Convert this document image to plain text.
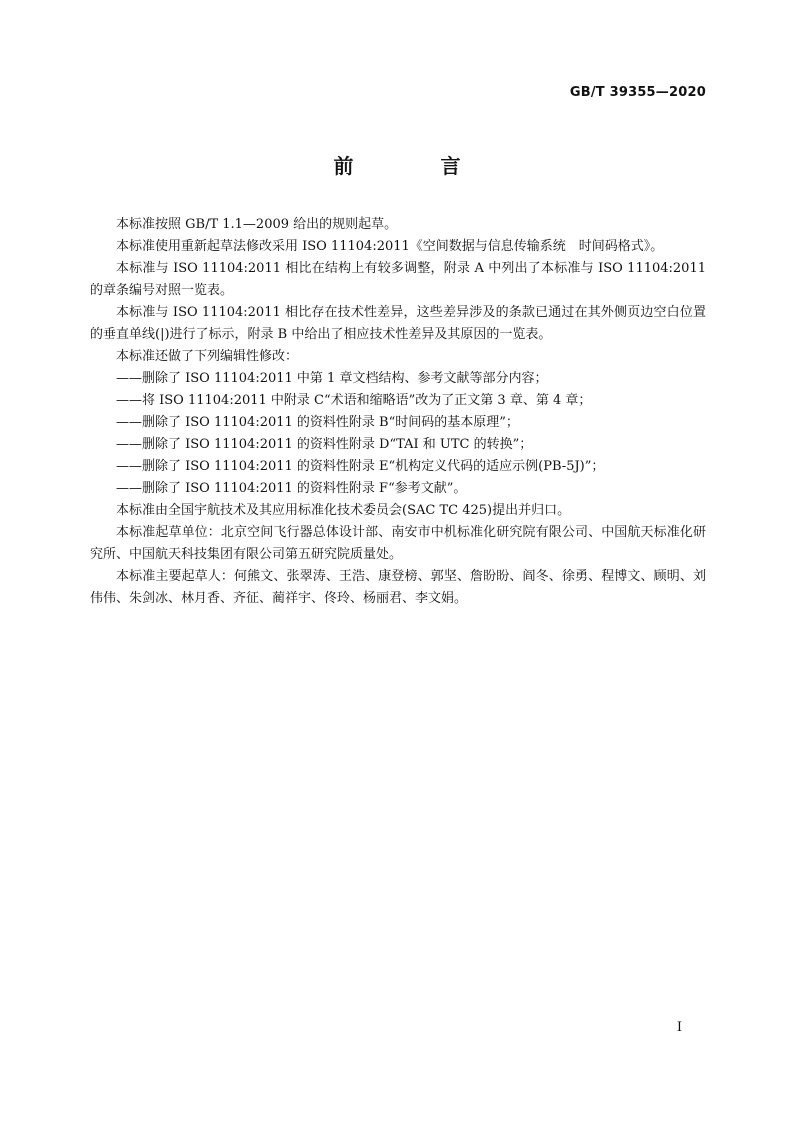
GB/T 39355—2020
前 言

本标准按照 GB/T 1.1—2009 给出的规则起草。

本标准使用重新起草法修改采用 ISO 11104:2011《空间数据与信息传输系统　时间码格式》。

本标准与 ISO 11104:2011 相比在结构上有较多调整，附录 A 中列出了本标准与 ISO 11104:2011 的章条编号对照一览表。

本标准与 ISO 11104:2011 相比存在技术性差异，这些差异涉及的条款已通过在其外侧页边空白位置的垂直单线(|)进行了标示，附录 B 中给出了相应技术性差异及其原因的一览表。

本标准还做了下列编辑性修改：

——删除了 ISO 11104:2011 中第 1 章文档结构、参考文献等部分内容；

——将 ISO 11104:2011 中附录 C“术语和缩略语”改为了正文第 3 章、第 4 章；

——删除了 ISO 11104:2011 的资料性附录 B“时间码的基本原理”；

——删除了 ISO 11104:2011 的资料性附录 D“TAI 和 UTC 的转换”；

——删除了 ISO 11104:2011 的资料性附录 E“机构定义代码的适应示例(PB-5J)”；

——删除了 ISO 11104:2011 的资料性附录 F“参考文献”。

本标准由全国宇航技术及其应用标准化技术委员会(SAC TC 425)提出并归口。

本标准起草单位：北京空间飞行器总体设计部、南安市中机标准化研究院有限公司、中国航天标准化研究所、中国航天科技集团有限公司第五研究院质量处。

本标准主要起草人：何熊文、张翠涛、王浩、康登榜、郭坚、詹盼盼、阎冬、徐勇、程博文、顾明、刘伟伟、朱剑冰、林月香、齐征、蔺祥宇、佟玲、杨丽君、李文娟。

I
